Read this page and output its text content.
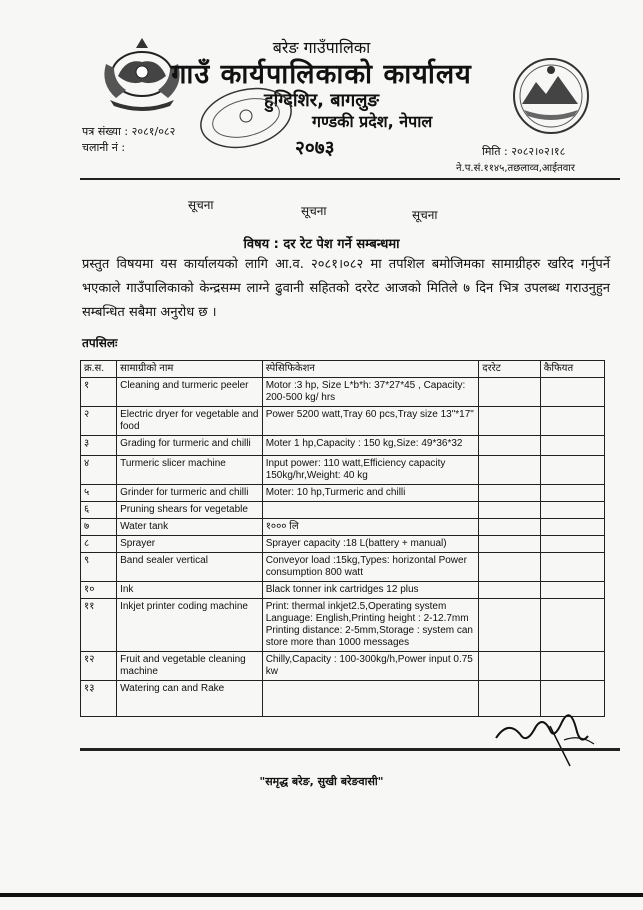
बरेङ गाउँपालिका
गाउँ कार्यपालिकाको कार्यालय
हुग्दिशिर, बागलुङ
गण्डकी प्रदेश, नेपाल
२०७३
पत्र संख्या : २०८१/०८२
चलानी नं :	मिति : २०८२।०२।१८
ने.प.सं.११४५,तछलाव्व,आईतवार
सूचना	सूचना	सूचना
विषय : दर रेट पेश गर्ने सम्बन्धमा
प्रस्तुत विषयमा यस कार्यालयको लागि आ.व. २०८१।०८२ मा तपशिल बमोजिमका सामाग्रीहरु खरिद गर्नुपर्ने भएकाले गाउँपालिकाको केन्द्रसम्म लाग्ने ढुवानी सहितको दररेट आजको मितिले ७ दिन भित्र उपलब्ध गराउनुहुन सम्बन्धित सबैमा अनुरोध छ ।
तपसिलः
क्र.स.	सामाग्रीको नाम	स्पेसिफिकेशन	दररेट	कैफियत
१	Cleaning and turmeric peeler	Motor :3 hp, Size L*b*h: 37*27*45 , Capacity: 200-500 kg/ hrs		
२	Electric dryer for vegetable and food	Power 5200 watt,Tray 60 pcs,Tray size 13"*17"		
३	Grading for turmeric and chilli	Moter 1 hp,Capacity : 150 kg,Size: 49*36*32		
४	Turmeric slicer machine	Input power: 110 watt,Efficiency capacity 150kg/hr,Weight: 40 kg		
५	Grinder for turmeric and chilli	Moter: 10 hp,Turmeric and chilli		
६	Pruning shears for vegetable			
७	Water tank	१००० लि		
८	Sprayer	Sprayer capacity :18 L(battery + manual)		
९	Band sealer vertical	Conveyor load :15kg,Types: horizontal Power consumption 800 watt		
१०	Ink	Black tonner ink cartridges 12 plus		
११	Inkjet printer coding machine	Print: thermal inkjet2.5,Operating system Language: English,Printing height : 2-12.7mm Printing distance: 2-5mm,Storage : system can store more than 1000 messages		
१२	Fruit and vegetable cleaning machine	Chilly,Capacity : 100-300kg/h,Power input 0.75 kw		
१३	Watering can and Rake			
"समृद्ध बरेङ, सुखी बरेङवासी"
